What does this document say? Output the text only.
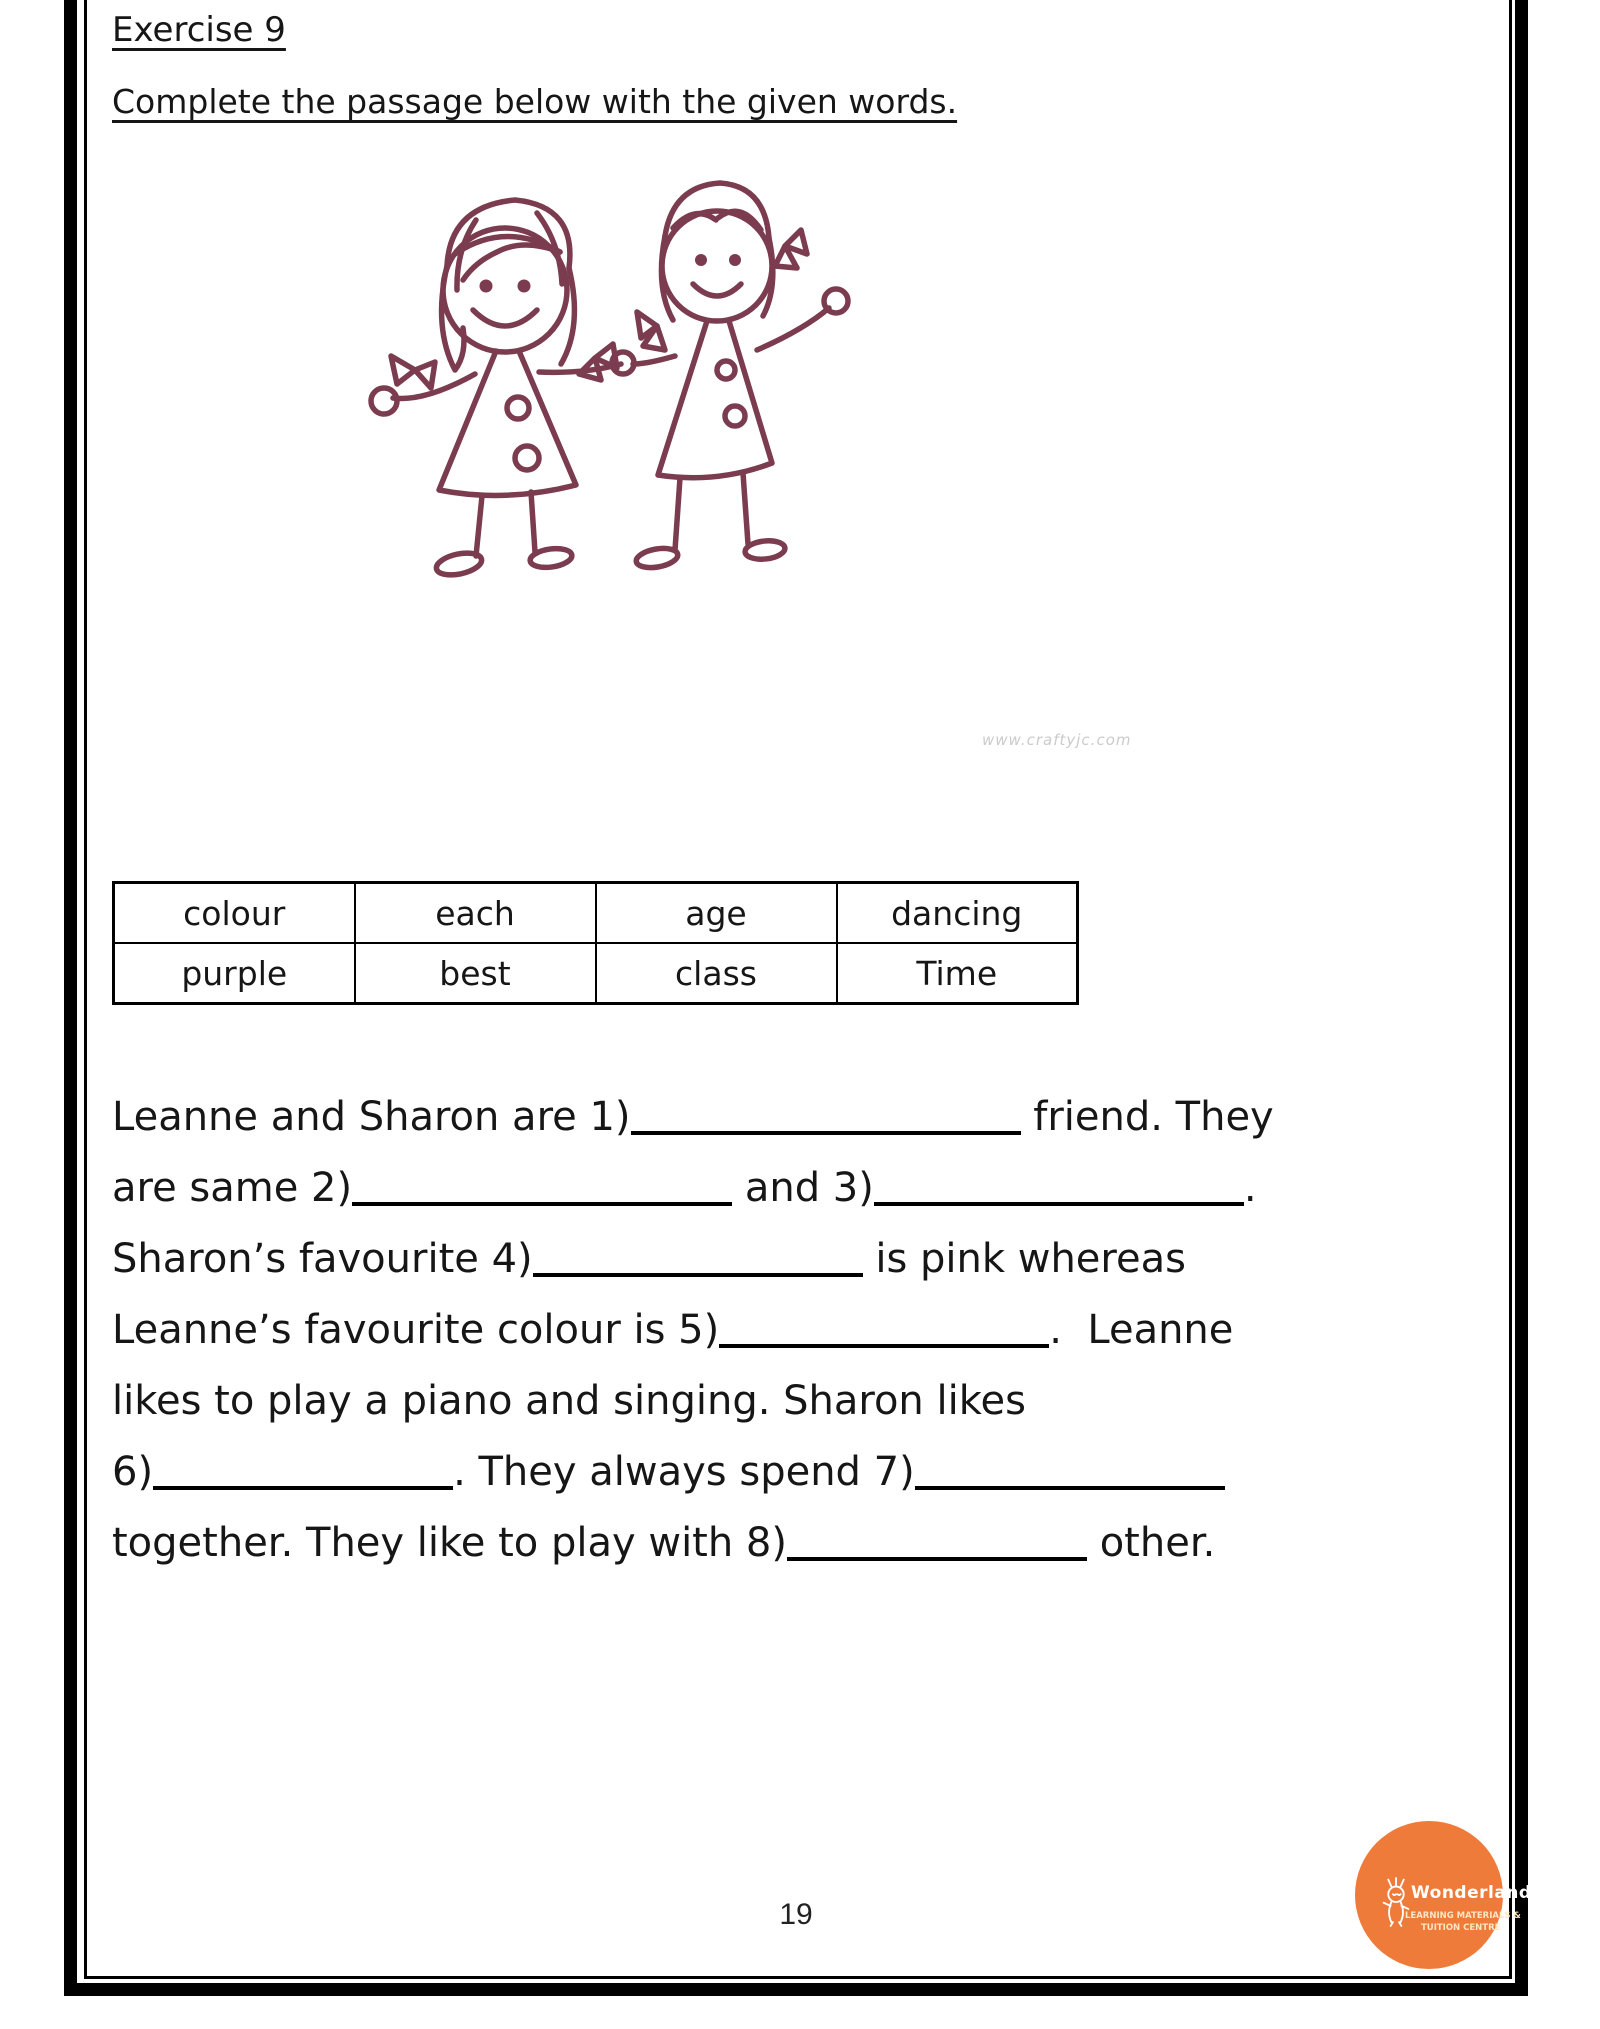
Exercise 9
Complete the passage below with the given words.
www.craftyjc.com
colour	each	age	dancing
purple	best	class	Time
Leanne and Sharon are 1)	friend. They
are same 2)	and 3)	.
Sharon’s favourite 4)	is pink whereas
Leanne’s favourite colour is 5)	.  Leanne
likes to play a piano and singing. Sharon likes
6)	. They always spend 7)
together. They like to play with 8)	other.
19
Wonderland
LEARNING MATERIALS &
TUITION CENTRE
